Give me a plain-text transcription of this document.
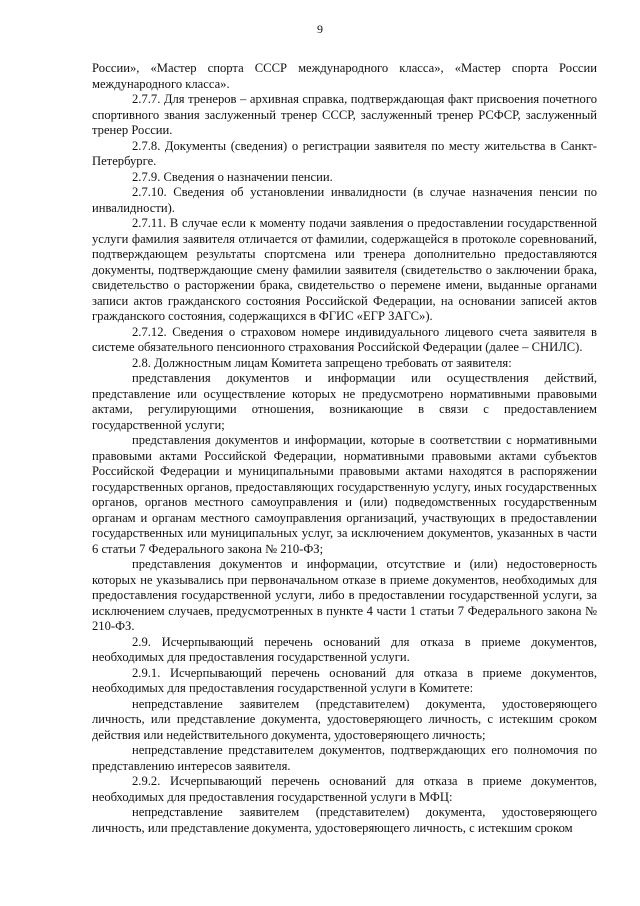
9

России», «Мастер спорта СССР международного класса», «Мастер спорта России международного класса».

2.7.7. Для тренеров – архивная справка, подтверждающая факт присвоения почетного спортивного звания заслуженный тренер СССР, заслуженный тренер РСФСР, заслуженный тренер России.

2.7.8. Документы (сведения) о регистрации заявителя по месту жительства в Санкт-Петербурге.

2.7.9. Сведения о назначении пенсии.

2.7.10. Сведения об установлении инвалидности (в случае назначения пенсии по инвалидности).

2.7.11. В случае если к моменту подачи заявления о предоставлении государственной услуги фамилия заявителя отличается от фамилии, содержащейся в протоколе соревнований, подтверждающем результаты спортсмена или тренера дополнительно предоставляются документы, подтверждающие смену фамилии заявителя (свидетельство о заключении брака, свидетельство о расторжении брака, свидетельство о перемене имени, выданные органами записи актов гражданского состояния Российской Федерации, на основании записей актов гражданского состояния, содержащихся в ФГИС «ЕГР ЗАГС»).

2.7.12. Сведения о страховом номере индивидуального лицевого счета заявителя в системе обязательного пенсионного страхования Российской Федерации (далее – СНИЛС).

2.8. Должностным лицам Комитета запрещено требовать от заявителя:

представления документов и информации или осуществления действий, представление или осуществление которых не предусмотрено нормативными правовыми актами, регулирующими отношения, возникающие в связи с предоставлением государственной услуги;

представления документов и информации, которые в соответствии с нормативными правовыми актами Российской Федерации, нормативными правовыми актами субъектов Российской Федерации и муниципальными правовыми актами находятся в распоряжении государственных органов, предоставляющих государственную услугу, иных государственных органов, органов местного самоуправления и (или) подведомственных государственным органам и органам местного самоуправления организаций, участвующих в предоставлении государственных или муниципальных услуг, за исключением документов, указанных в части 6 статьи 7 Федерального закона № 210-ФЗ;

представления документов и информации, отсутствие и (или) недостоверность которых не указывались при первоначальном отказе в приеме документов, необходимых для предоставления государственной услуги, либо в предоставлении государственной услуги, за исключением случаев, предусмотренных в пункте 4 части 1 статьи 7 Федерального закона № 210-ФЗ.

2.9. Исчерпывающий перечень оснований для отказа в приеме документов, необходимых для предоставления государственной услуги.

2.9.1. Исчерпывающий перечень оснований для отказа в приеме документов, необходимых для предоставления государственной услуги в Комитете:

непредставление заявителем (представителем) документа, удостоверяющего личность, или представление документа, удостоверяющего личность, с истекшим сроком действия или недействительного документа, удостоверяющего личность;

непредставление представителем документов, подтверждающих его полномочия по представлению интересов заявителя.

2.9.2. Исчерпывающий перечень оснований для отказа в приеме документов, необходимых для предоставления государственной услуги в МФЦ:

непредставление заявителем (представителем) документа, удостоверяющего личность, или представление документа, удостоверяющего личность, с истекшим сроком
